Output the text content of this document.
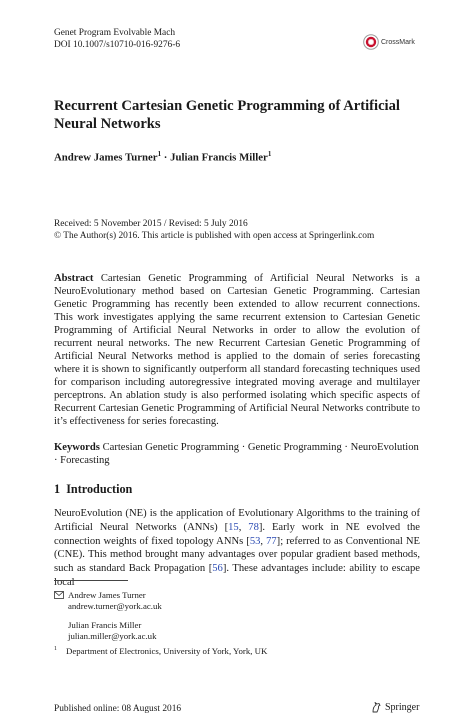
Genet Program Evolvable Mach
DOI 10.1007/s10710-016-9276-6	CrossMark
Recurrent Cartesian Genetic Programming of Artificial Neural Networks
Andrew James Turner$^1$ · Julian Francis Miller$^1$
Received: 5 November 2015 / Revised: 5 July 2016
© The Author(s) 2016. This article is published with open access at Springerlink.com
Abstract Cartesian Genetic Programming of Artificial Neural Networks is a NeuroEvolutionary method based on Cartesian Genetic Programming. Cartesian Genetic Programming has recently been extended to allow recurrent connections. This work investigates applying the same recurrent extension to Cartesian Genetic Programming of Artificial Neural Networks in order to allow the evolution of recurrent neural networks. The new Recurrent Cartesian Genetic Programming of Artificial Neural Networks method is applied to the domain of series forecasting where it is shown to significantly outperform all standard forecasting techniques used for comparison including autoregressive integrated moving average and multilayer perceptrons. An ablation study is also performed isolating which specific aspects of Recurrent Cartesian Genetic Programming of Artificial Neural Networks contribute to it’s effectiveness for series forecasting.
Keywords Cartesian Genetic Programming · Genetic Programming · NeuroEvolution · Forecasting
1 Introduction
NeuroEvolution (NE) is the application of Evolutionary Algorithms to the training of Artificial Neural Networks (ANNs) [15, 78]. Early work in NE evolved the connection weights of fixed topology ANNs [53, 77]; referred to as Conventional NE (CNE). This method brought many advantages over popular gradient based methods, such as standard Back Propagation [56]. These advantages include: ability to escape local
Andrew James Turner
andrew.turner@york.ac.uk
Julian Francis Miller
julian.miller@york.ac.uk
$^1$ Department of Electronics, University of York, York, UK
Published online: 08 August 2016	Springer
